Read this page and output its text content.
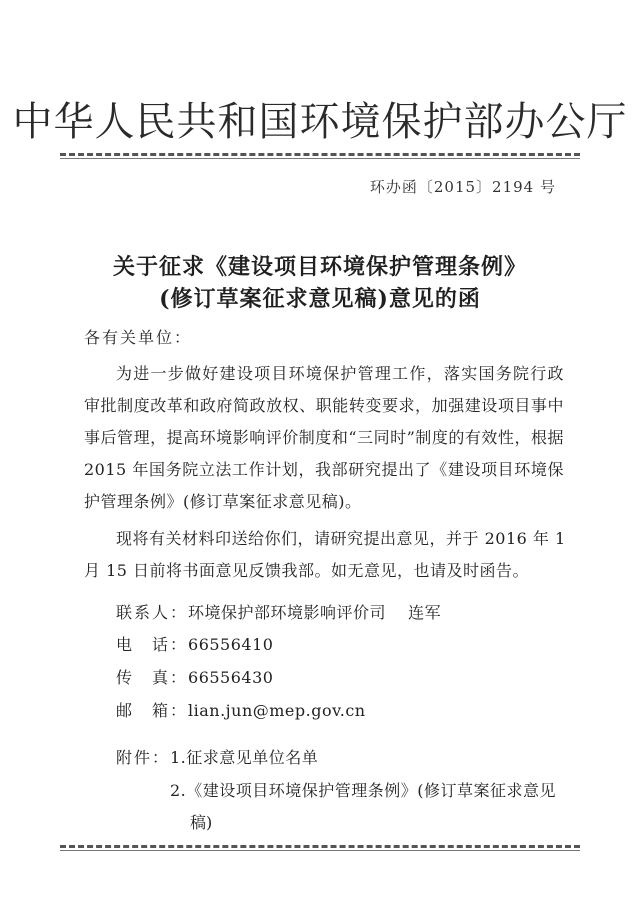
中华人民共和国环境保护部办公厅
环办函〔2015〕2194 号
关于征求《建设项目环境保护管理条例》
(修订草案征求意见稿)意见的函
各有关单位：
为进一步做好建设项目环境保护管理工作，落实国务院行政
审批制度改革和政府简政放权、职能转变要求，加强建设项目事中
事后管理，提高环境影响评价制度和“三同时”制度的有效性，根据
2015 年国务院立法工作计划，我部研究提出了《建设项目环境保
护管理条例》(修订草案征求意见稿)。
现将有关材料印送给你们，请研究提出意见，并于 2016 年 1
月 15 日前将书面意见反馈我部。如无意见，也请及时函告。
联系人：环境保护部环境影响评价司　 连军
电　话：66556410
传　真：66556430
邮　箱：lian.jun@mep.gov.cn
附件： 1.征求意见单位名单
2.《建设项目环境保护管理条例》(修订草案征求意见
稿)
